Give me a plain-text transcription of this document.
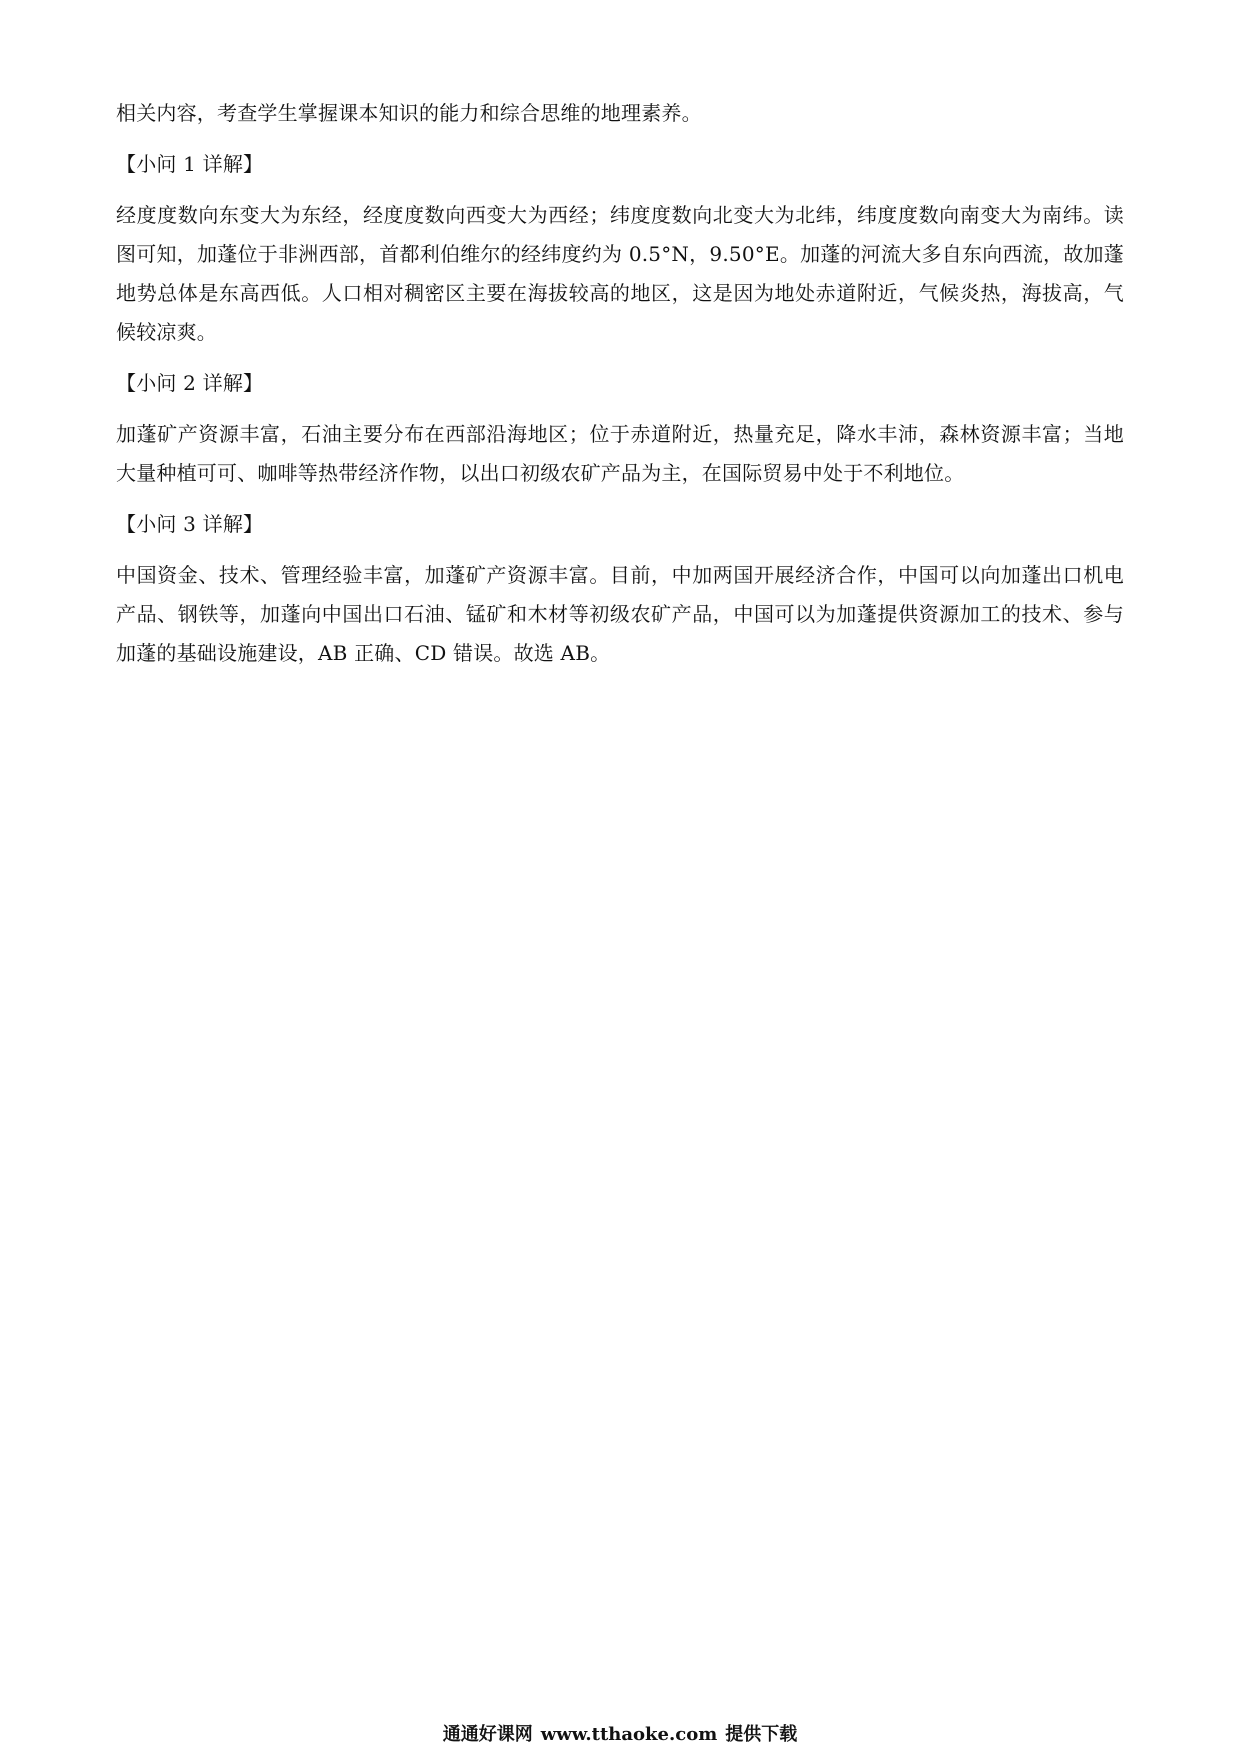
相关内容，考查学生掌握课本知识的能力和综合思维的地理素养。

【小问 1 详解】

经度度数向东变大为东经，经度度数向西变大为西经；纬度度数向北变大为北纬，纬度度数向南变大为南纬。读图可知，加蓬位于非洲西部，首都利伯维尔的经纬度约为 0.5°N，9.50°E。加蓬的河流大多自东向西流，故加蓬地势总体是东高西低。人口相对稠密区主要在海拔较高的地区，这是因为地处赤道附近，气候炎热，海拔高，气候较凉爽。

【小问 2 详解】

加蓬矿产资源丰富，石油主要分布在西部沿海地区；位于赤道附近，热量充足，降水丰沛，森林资源丰富；当地大量种植可可、咖啡等热带经济作物，以出口初级农矿产品为主，在国际贸易中处于不利地位。

【小问 3 详解】

中国资金、技术、管理经验丰富，加蓬矿产资源丰富。目前，中加两国开展经济合作，中国可以向加蓬出口机电产品、钢铁等，加蓬向中国出口石油、锰矿和木材等初级农矿产品，中国可以为加蓬提供资源加工的技术、参与加蓬的基础设施建设，AB 正确、CD 错误。故选 AB。

通通好课网 www.tthaoke.com 提供下载
